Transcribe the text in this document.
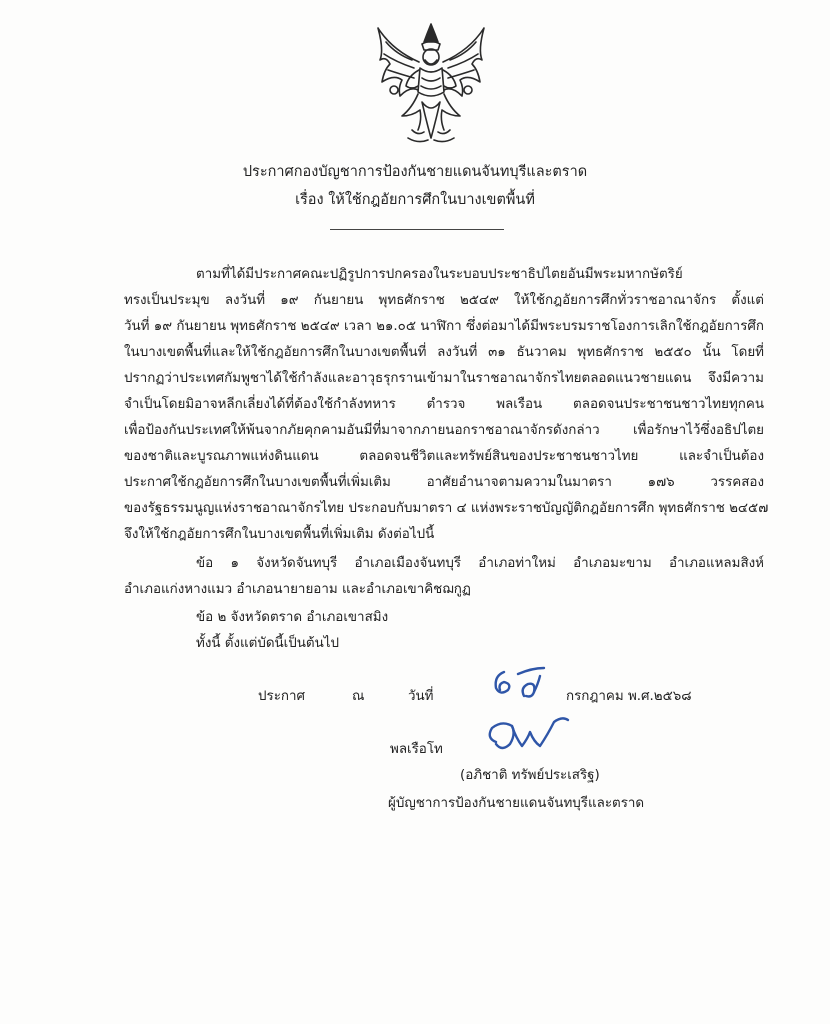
ประกาศกองบัญชาการป้องกันชายแดนจันทบุรีและตราด
เรื่อง ให้ใช้กฎอัยการศึกในบางเขตพื้นที่
ตามที่ได้มีประกาศคณะปฏิรูปการปกครองในระบอบประชาธิปไตยอันมีพระมหากษัตริย์
ทรงเป็นประมุข ลงวันที่ ๑๙ กันยายน พุทธศักราช ๒๕๔๙ ให้ใช้กฎอัยการศึกทั่วราชอาณาจักร ตั้งแต่
วันที่ ๑๙ กันยายน พุทธศักราช ๒๕๔๙ เวลา ๒๑.๐๕ นาฬิกา ซึ่งต่อมาได้มีพระบรมราชโองการเลิกใช้กฎอัยการศึก
ในบางเขตพื้นที่และให้ใช้กฎอัยการศึกในบางเขตพื้นที่ ลงวันที่ ๓๑ ธันวาคม พุทธศักราช ๒๕๕๐ นั้น โดยที่
ปรากฏว่าประเทศกัมพูชาได้ใช้กำลังและอาวุธรุกรานเข้ามาในราชอาณาจักรไทยตลอดแนวชายแดน จึงมีความ
จำเป็นโดยมิอาจหลีกเลี่ยงได้ที่ต้องใช้กำลังทหาร ตำรวจ พลเรือน ตลอดจนประชาชนชาวไทยทุกคน
เพื่อป้องกันประเทศให้พ้นจากภัยคุกคามอันมีที่มาจากภายนอกราชอาณาจักรดังกล่าว เพื่อรักษาไว้ซึ่งอธิปไตย
ของชาติและบูรณภาพแห่งดินแดน ตลอดจนชีวิตและทรัพย์สินของประชาชนชาวไทย และจำเป็นต้อง
ประกาศใช้กฎอัยการศึกในบางเขตพื้นที่เพิ่มเติม อาศัยอำนาจตามความในมาตรา ๑๗๖ วรรคสอง
ของรัฐธรรมนูญแห่งราชอาณาจักรไทย ประกอบกับมาตรา ๔ แห่งพระราชบัญญัติกฎอัยการศึก พุทธศักราช ๒๔๕๗
จึงให้ใช้กฎอัยการศึกในบางเขตพื้นที่เพิ่มเติม ดังต่อไปนี้
ข้อ ๑ จังหวัดจันทบุรี อำเภอเมืองจันทบุรี อำเภอท่าใหม่ อำเภอมะขาม อำเภอแหลมสิงห์
อำเภอแก่งหางแมว อำเภอนายายอาม และอำเภอเขาคิชฌกูฏ
ข้อ ๒ จังหวัดตราด อำเภอเขาสมิง
ทั้งนี้ ตั้งแต่บัดนี้เป็นต้นไป
ประกาศ	ณ	วันที่	กรกฎาคม พ.ศ.๒๕๖๘
พลเรือโท
(อภิชาติ ทรัพย์ประเสริฐ)
ผู้บัญชาการป้องกันชายแดนจันทบุรีและตราด
